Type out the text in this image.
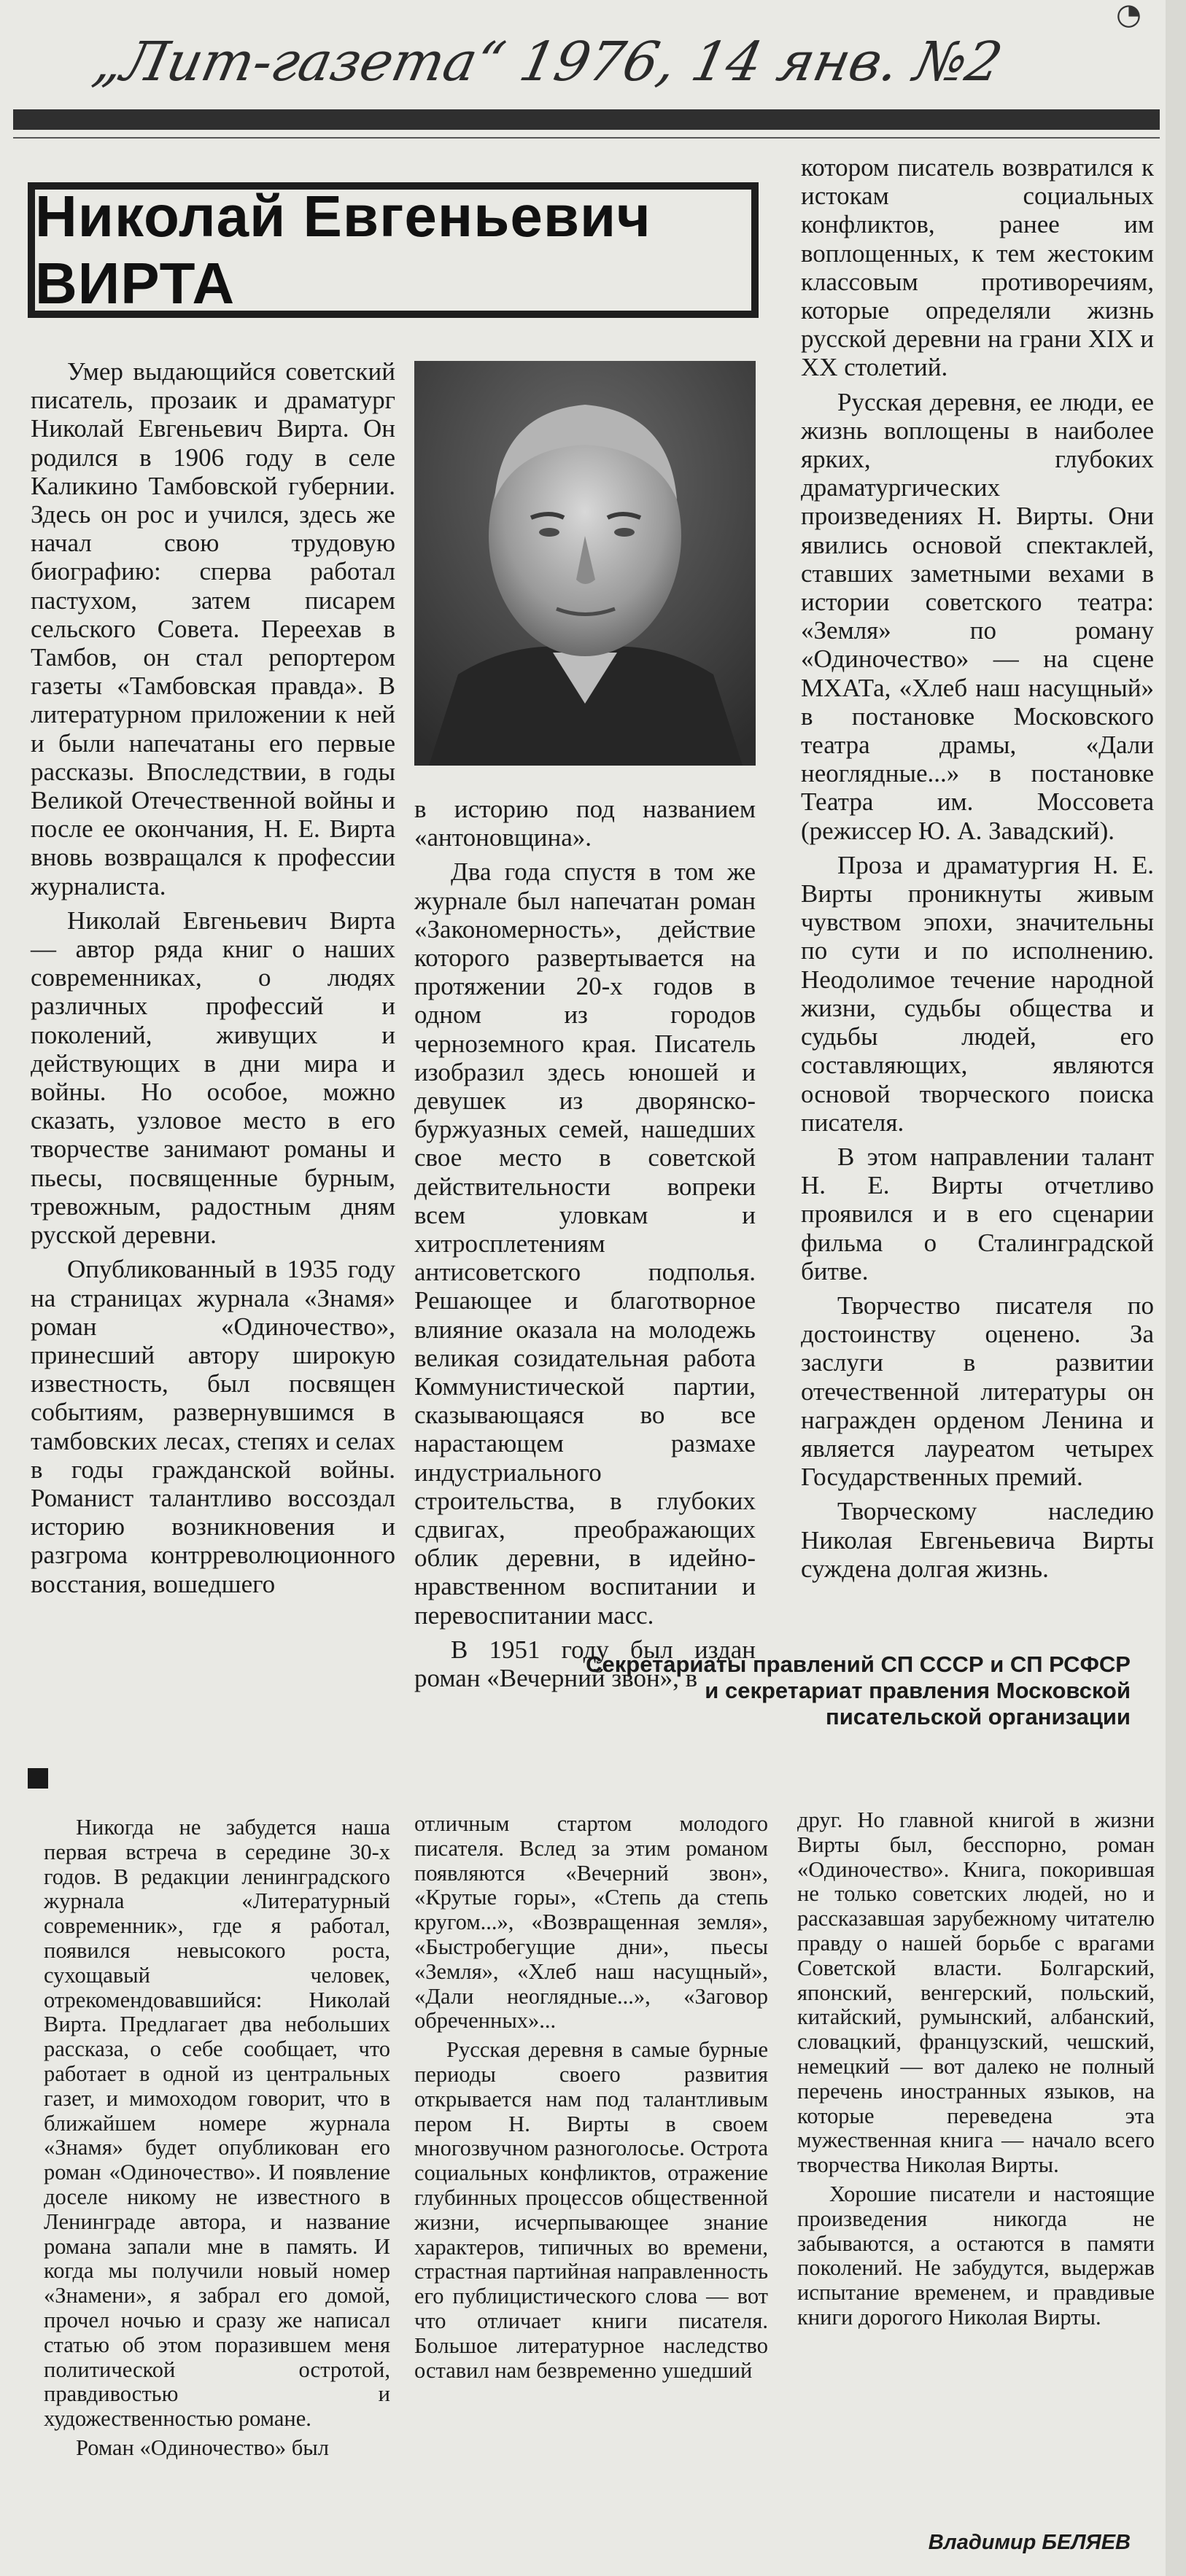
◔
„Лит-газета“ 1976, 14 янв. №2
Николай Евгеньевич ВИРТА

Умер выдающийся советский писатель, прозаик и драматург Николай Евгеньевич Вирта. Он родился в 1906 году в селе Каликино Тамбовской губернии. Здесь он рос и учился, здесь же начал свою трудовую биографию: сперва работал пастухом, затем писарем сельского Совета. Переехав в Тамбов, он стал репортером газеты «Тамбовская правда». В литературном приложении к ней и были напечатаны его первые рассказы. Впоследствии, в годы Великой Отечественной войны и после ее окончания, Н. Е. Вирта вновь возвращался к профессии журналиста.

Николай Евгеньевич Вирта — автор ряда книг о наших современниках, о людях различных профессий и поколений, живущих и действующих в дни мира и войны. Но особое, можно сказать, узловое место в его творчестве занимают романы и пьесы, посвященные бурным, тревожным, радостным дням русской деревни.

Опубликованный в 1935 году на страницах журнала «Знамя» роман «Одиночество», принесший автору широкую известность, был посвящен событиям, развернувшимся в тамбовских лесах, степях и селах в годы гражданской войны. Романист талантливо воссоздал историю возникновения и разгрома контрреволюционного восстания, вошедшего

в историю под названием «антоновщина».

Два года спустя в том же журнале был напечатан роман «Закономерность», действие которого развертывается на протяжении 20-х годов в одном из городов черноземного края. Писатель изобразил здесь юношей и девушек из дворянско-буржуазных семей, нашедших свое место в советской действительности вопреки всем уловкам и хитросплетениям антисоветского подполья. Решающее и благотворное влияние оказала на молодежь великая созидательная работа Коммунистической партии, сказывающаяся во все нарастающем размахе индустриального строительства, в глубоких сдвигах, преображающих облик деревни, в идейно-нравственном воспитании и перевоспитании масс.

В 1951 году был издан роман «Вечерний звон», в

котором писатель возвратился к истокам социальных конфликтов, ранее им воплощенных, к тем жестоким классовым противоречиям, которые определяли жизнь русской деревни на грани XIX и XX столетий.

Русская деревня, ее люди, ее жизнь воплощены в наиболее ярких, глубоких драматургических произведениях Н. Вирты. Они явились основой спектаклей, ставших заметными вехами в истории советского театра: «Земля» по роману «Одиночество» — на сцене МХАТа, «Хлеб наш насущный» в постановке Московского театра драмы, «Дали неоглядные...» в постановке Театра им. Моссовета (режиссер Ю. А. Завадский).

Проза и драматургия Н. Е. Вирты проникнуты живым чувством эпохи, значительны по сути и по исполнению. Неодолимое течение народной жизни, судьбы общества и судьбы людей, его составляющих, являются основой творческого поиска писателя.

В этом направлении талант Н. Е. Вирты отчетливо проявился и в его сценарии фильма о Сталинградской битве.

Творчество писателя по достоинству оценено. За заслуги в развитии отечественной литературы он награжден орденом Ленина и является лауреатом четырех Государственных премий.

Творческому наследию Николая Евгеньевича Вирты суждена долгая жизнь.

Секретариаты правлений СП СССР и СП РСФСР
и секретариат правления Московской
писательской организации

Никогда не забудется наша первая встреча в середине 30-х годов. В редакции ленинградского журнала «Литературный современник», где я работал, появился невысокого роста, сухощавый человек, отрекомендовавшийся: Николай Вирта. Предлагает два небольших рассказа, о себе сообщает, что работает в одной из центральных газет, и мимоходом говорит, что в ближайшем номере журнала «Знамя» будет опубликован его роман «Одиночество». И появление доселе никому не известного в Ленинграде автора, и название романа запали мне в память. И когда мы получили новый номер «Знамени», я забрал его домой, прочел ночью и сразу же написал статью об этом поразившем меня политической остротой, правдивостью и художественностью романе.

Роман «Одиночество» был

отличным стартом молодого писателя. Вслед за этим романом появляются «Вечерний звон», «Крутые горы», «Степь да степь кругом...», «Возвращенная земля», «Быстробегущие дни», пьесы «Земля», «Хлеб наш насущный», «Дали неоглядные...», «Заговор обреченных»...

Русская деревня в самые бурные периоды своего развития открывается нам под талантливым пером Н. Вирты в своем многозвучном разноголосье. Острота социальных конфликтов, отражение глубинных процессов общественной жизни, исчерпывающее знание характеров, типичных во времени, страстная партийная направленность его публицистического слова — вот что отличает книги писателя. Большое литературное наследство оставил нам безвременно ушедший

друг. Но главной книгой в жизни Вирты был, бесспорно, роман «Одиночество». Книга, покорившая не только советских людей, но и рассказавшая зарубежному читателю правду о нашей борьбе с врагами Советской власти. Болгарский, японский, венгерский, польский, китайский, румынский, албанский, словацкий, французский, чешский, немецкий — вот далеко не полный перечень иностранных языков, на которые переведена эта мужественная книга — начало всего творчества Николая Вирты.

Хорошие писатели и настоящие произведения никогда не забываются, а остаются в памяти поколений. Не забудутся, выдержав испытание временем, и правдивые книги дорогого Николая Вирты.

Владимир БЕЛЯЕВ
